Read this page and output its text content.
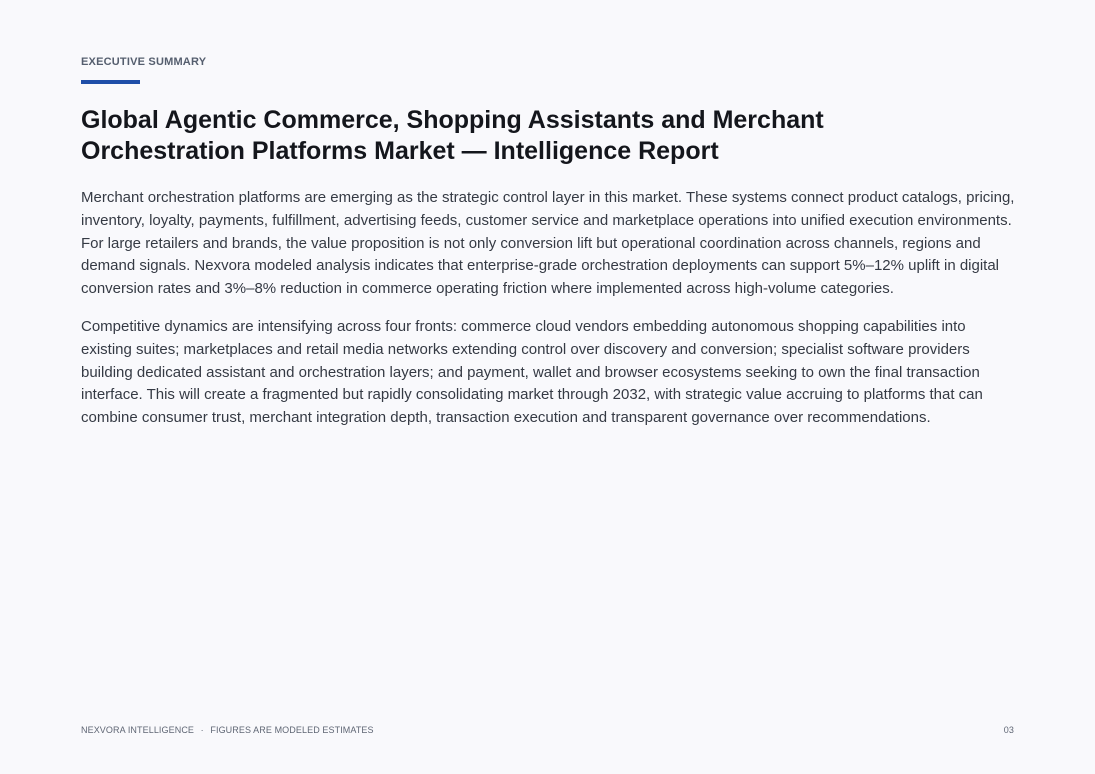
EXECUTIVE SUMMARY
Global Agentic Commerce, Shopping Assistants and Merchant Orchestration Platforms Market — Intelligence Report

Merchant orchestration platforms are emerging as the strategic control layer in this market. These systems connect product catalogs, pricing, inventory, loyalty, payments, fulfillment, advertising feeds, customer service and marketplace operations into unified execution environments. For large retailers and brands, the value proposition is not only conversion lift but operational coordination across channels, regions and demand signals. Nexvora modeled analysis indicates that enterprise-grade orchestration deployments can support 5%–12% uplift in digital conversion rates and 3%–8% reduction in commerce operating friction where implemented across high-volume categories.

Competitive dynamics are intensifying across four fronts: commerce cloud vendors embedding autonomous shopping capabilities into existing suites; marketplaces and retail media networks extending control over discovery and conversion; specialist software providers building dedicated assistant and orchestration layers; and payment, wallet and browser ecosystems seeking to own the final transaction interface. This will create a fragmented but rapidly consolidating market through 2032, with strategic value accruing to platforms that can combine consumer trust, merchant integration depth, transaction execution and transparent governance over recommendations.

NEXVORA INTELLIGENCE · FIGURES ARE MODELED ESTIMATES	03
